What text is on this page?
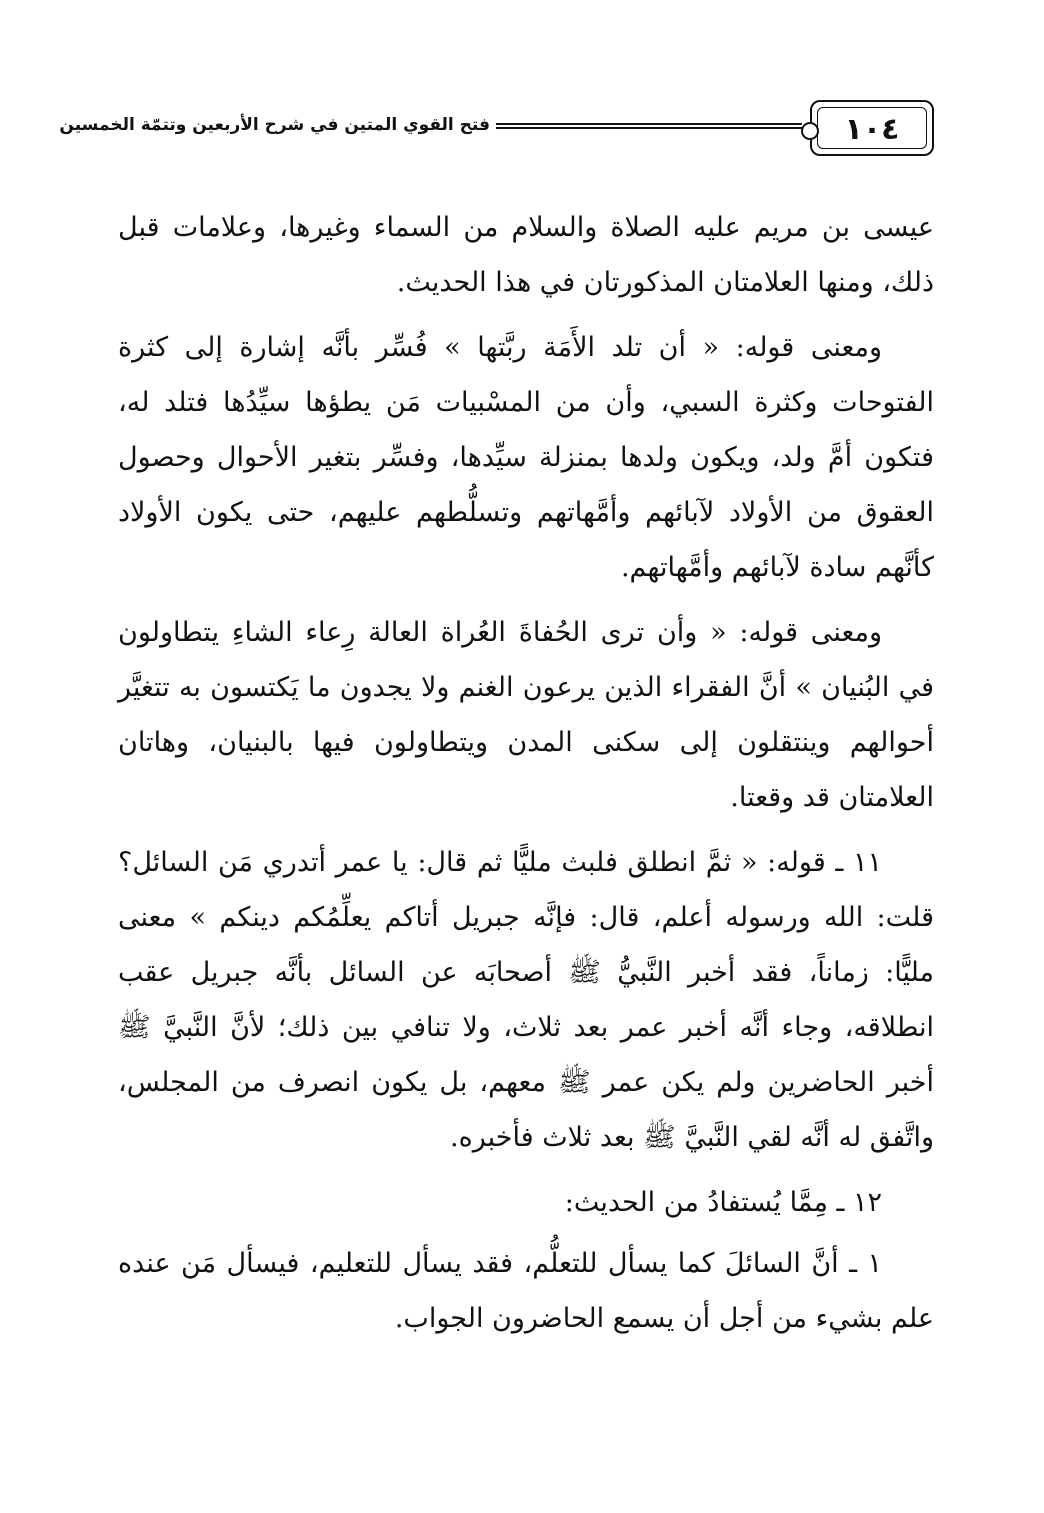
فتح القوي المتين في شرح الأربعين وتتمّة الخمسين	١٠٤

عيسى بن مريم عليه الصلاة والسلام من السماء وغيرها، وعلامات قبل ذلك، ومنها العلامتان المذكورتان في هذا الحديث.

ومعنى قوله: « أن تلد الأَمَة ربَّتها » فُسِّر بأنَّه إشارة إلى كثرة الفتوحات وكثرة السبي، وأن من المسْبيات مَن يطؤها سيِّدُها فتلد له، فتكون أمَّ ولد، ويكون ولدها بمنزلة سيِّدها، وفسِّر بتغير الأحوال وحصول العقوق من الأولاد لآبائهم وأمَّهاتهم وتسلُّطهم عليهم، حتى يكون الأولاد كأنَّهم سادة لآبائهم وأمَّهاتهم.

ومعنى قوله: « وأن ترى الحُفاةَ العُراة العالة رِعاء الشاءِ يتطاولون في البُنيان » أنَّ الفقراء الذين يرعون الغنم ولا يجدون ما يَكتسون به تتغيَّر أحوالهم وينتقلون إلى سكنى المدن ويتطاولون فيها بالبنيان، وهاتان العلامتان قد وقعتا.

١١ ـ قوله: « ثمَّ انطلق فلبث مليًّا ثم قال: يا عمر أتدري مَن السائل؟ قلت: الله ورسوله أعلم، قال: فإنَّه جبريل أتاكم يعلِّمُكم دينكم » معنى مليًّا: زماناً، فقد أخبر النَّبيُّ ﷺ أصحابَه عن السائل بأنَّه جبريل عقب انطلاقه، وجاء أنَّه أخبر عمر بعد ثلاث، ولا تنافي بين ذلك؛ لأنَّ النَّبيَّ ﷺ أخبر الحاضرين ولم يكن عمر ﷺ معهم، بل يكون انصرف من المجلس، واتَّفق له أنَّه لقي النَّبيَّ ﷺ بعد ثلاث فأخبره.

١٢ ـ مِمَّا يُستفادُ من الحديث:

١ ـ أنَّ السائلَ كما يسأل للتعلُّم، فقد يسأل للتعليم، فيسأل مَن عنده علم بشيء من أجل أن يسمع الحاضرون الجواب.
